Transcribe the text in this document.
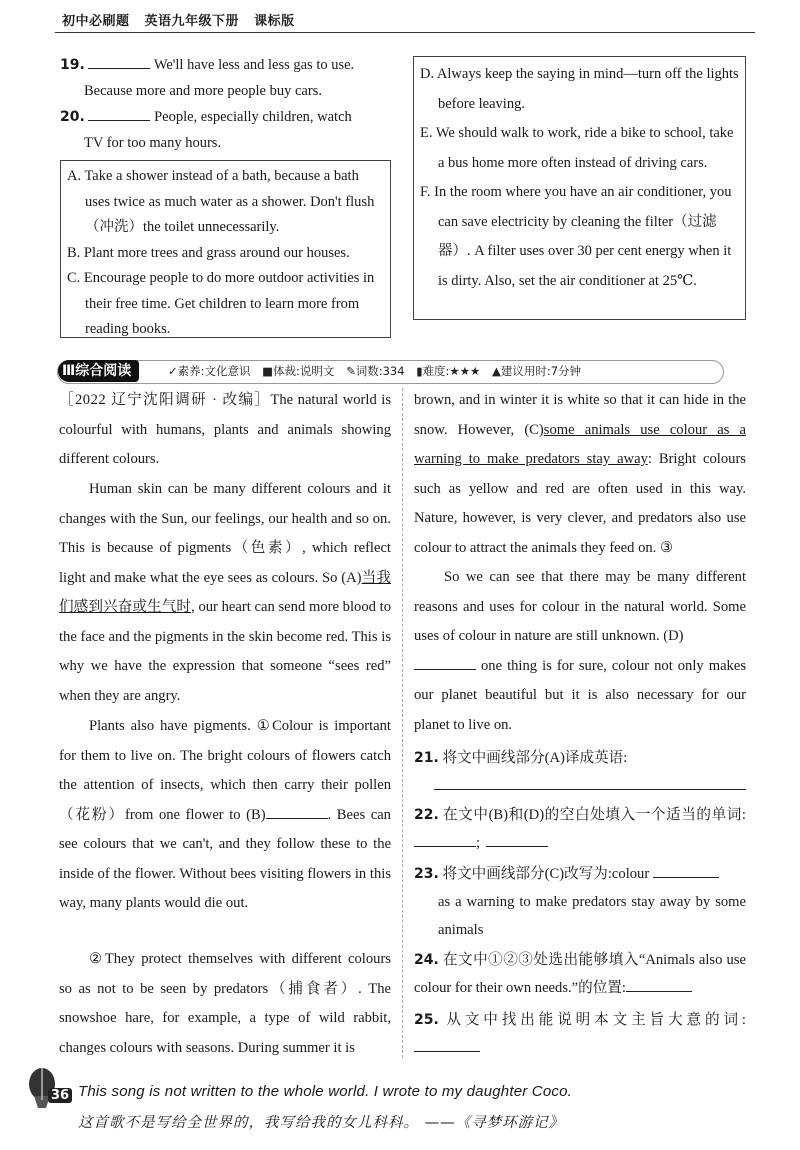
初中必刷题 英语九年级下册 课标版
19.	We'll have less and less gas to use.
Because more and more people buy cars.
20.	People, especially children, watch
TV for too many hours.
A. Take a shower instead of a bath, because a bath uses twice as much water as a shower. Don't flush（冲洗）the toilet unnecessarily.
B. Plant more trees and grass around our houses.
C. Encourage people to do more outdoor activities in their free time. Get children to learn more from reading books.
D. Always keep the saying in mind—turn off the lights before leaving.
E. We should walk to work, ride a bike to school, take a bus home more often instead of driving cars.
F. In the room where you have an air conditioner, you can save electricity by cleaning the filter（过滤器）. A filter uses over 30 per cent energy when it is dirty. Also, set the air conditioner at 25℃.
Ⅲ综合阅读	✓素养:文化意识 ■体裁:说明文 ✎词数:334 ▮难度:★★★ ▲建议用时:7分钟
［2022 辽宁沈阳调研 · 改编］The natural world is colourful with humans, plants and animals showing different colours.
Human skin can be many different colours and it changes with the Sun, our feelings, our health and so on. This is because of pigments（色素）, which reflect light and make what the eye sees as colours. So (A)当我们感到兴奋或生气时, our heart can send more blood to the face and the pigments in the skin become red. This is why we have the expression that someone “sees red” when they are angry.
Plants also have pigments. ①Colour is important for them to live on. The bright colours of flowers catch the attention of insects, which then carry their pollen（花粉）from one flower to (B)	. Bees can see colours that we can't, and they follow these to the inside of the flower. Without bees visiting flowers in this way, many plants would die out.
②They protect themselves with different colours so as not to be seen by predators（捕食者）. The snowshoe hare, for example, a type of wild rabbit, changes colours with seasons. During summer it is
brown, and in winter it is white so that it can hide in the snow. However, (C)some animals use colour as a warning to make predators stay away: Bright colours such as yellow and red are often used in this way. Nature, however, is very clever, and predators also use colour to attract the animals they feed on. ③
So we can see that there may be many different reasons and uses for colour in the natural world. Some uses of colour in nature are still unknown. (D)
one thing is for sure, colour not only makes our planet beautiful but it is also necessary for our planet to live on.
21. 将文中画线部分(A)译成英语:

22. 在文中(B)和(D)的空白处填入一个适当的单词:;
23. 将文中画线部分(C)改写为:colour

as a warning to make predators stay away by some animals
24. 在文中①②③处选出能够填入“Animals also use colour for their own needs.”的位置:
25. 从文中找出能说明本文主旨大意的词:
36 This song is not written to the whole world. I wrote to my daughter Coco.
这首歌不是写给全世界的，我写给我的女儿科科。 ——《寻梦环游记》
